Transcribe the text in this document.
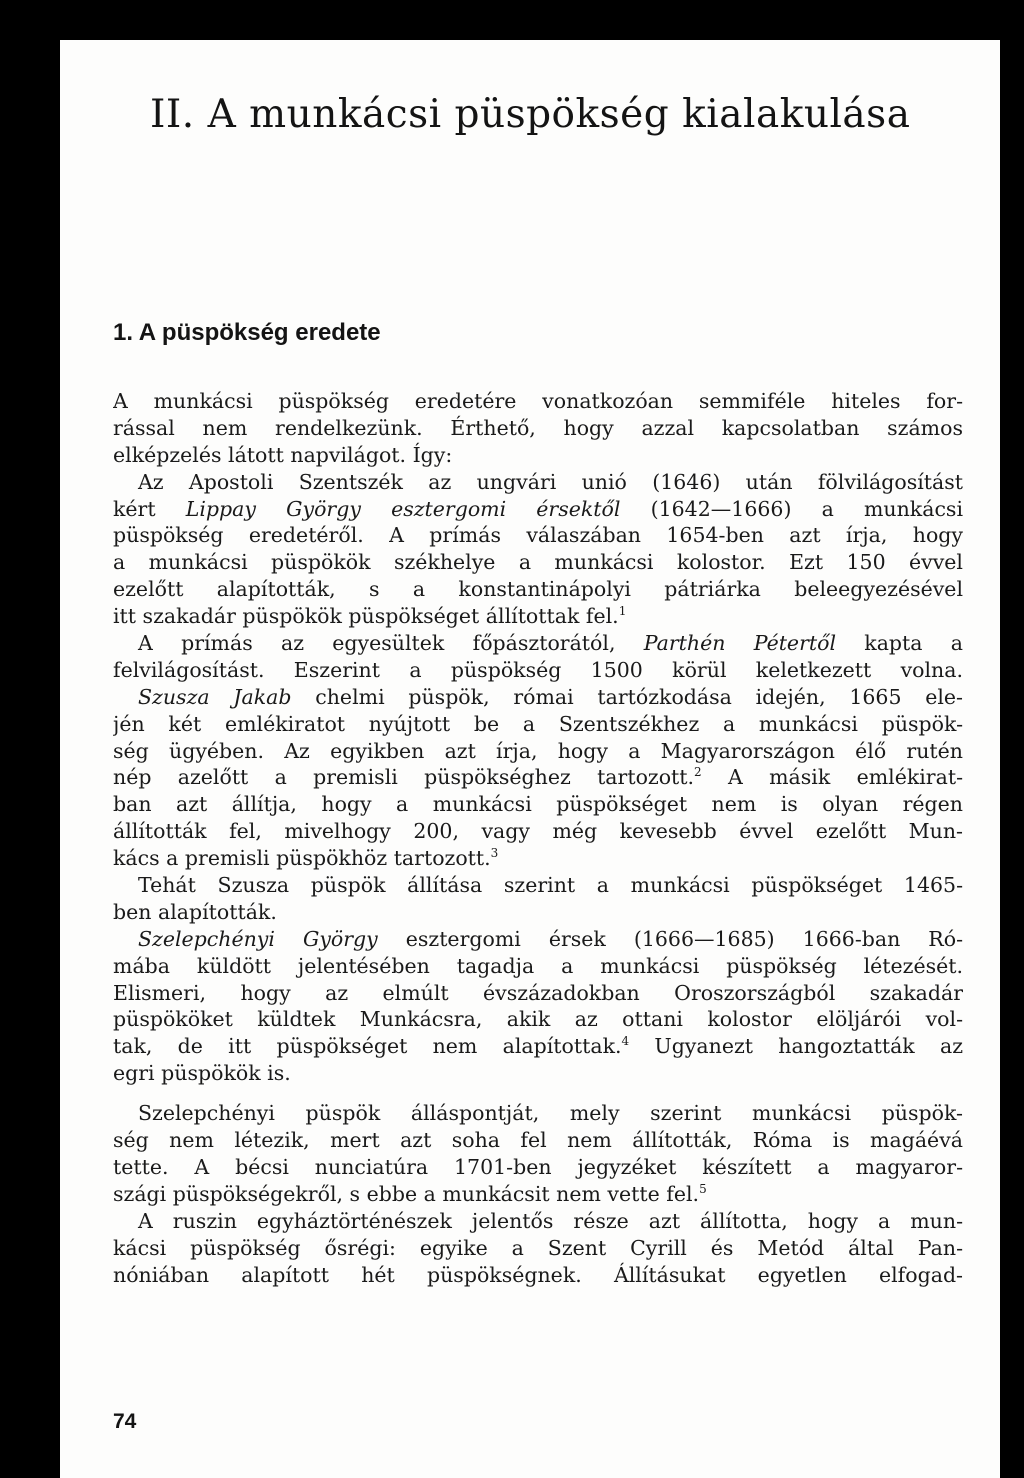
II. A munkácsi püspökség kialakulása
1. A püspökség eredete
A munkácsi püspökség eredetére vonatkozóan semmiféle hiteles for-
rással nem rendelkezünk. Érthető, hogy azzal kapcsolatban számos
elképzelés látott napvilágot. Így:
Az Apostoli Szentszék az ungvári unió (1646) után fölvilágosítást
kért Lippay György esztergomi érsektől (1642—1666) a munkácsi
püspökség eredetéről. A prímás válaszában 1654-ben azt írja, hogy
a munkácsi püspökök székhelye a munkácsi kolostor. Ezt 150 évvel
ezelőtt alapították, s a konstantinápolyi pátriárka beleegyezésével
itt szakadár püspökök püspökséget állítottak fel.$^1$
A prímás az egyesültek főpásztorától, Parthén Pétertől kapta a
felvilágosítást. Eszerint a püspökség 1500 körül keletkezett volna.
Szusza Jakab chelmi püspök, római tartózkodása idején, 1665 ele-
jén két emlékiratot nyújtott be a Szentszékhez a munkácsi püspök-
ség ügyében. Az egyikben azt írja, hogy a Magyarországon élő rutén
nép azelőtt a premisli püspökséghez tartozott.$^2$ A másik emlékirat-
ban azt állítja, hogy a munkácsi püspökséget nem is olyan régen
állították fel, mivelhogy 200, vagy még kevesebb évvel ezelőtt Mun-
kács a premisli püspökhöz tartozott.$^3$
Tehát Szusza püspök állítása szerint a munkácsi püspökséget 1465-
ben alapították.
Szelepchényi György esztergomi érsek (1666—1685) 1666-ban Ró-
mába küldött jelentésében tagadja a munkácsi püspökség létezését.
Elismeri, hogy az elmúlt évszázadokban Oroszországból szakadár
püspököket küldtek Munkácsra, akik az ottani kolostor elöljárói vol-
tak, de itt püspökséget nem alapítottak.$^4$ Ugyanezt hangoztatták az
egri püspökök is.
Szelepchényi püspök álláspontját, mely szerint munkácsi püspök-
ség nem létezik, mert azt soha fel nem állították, Róma is magáévá
tette. A bécsi nunciatúra 1701-ben jegyzéket készített a magyaror-
szági püspökségekről, s ebbe a munkácsit nem vette fel.$^5$
A ruszin egyháztörténészek jelentős része azt állította, hogy a mun-
kácsi püspökség ősrégi: egyike a Szent Cyrill és Metód által Pan-
nóniában alapított hét püspökségnek. Állításukat egyetlen elfogad-
74
